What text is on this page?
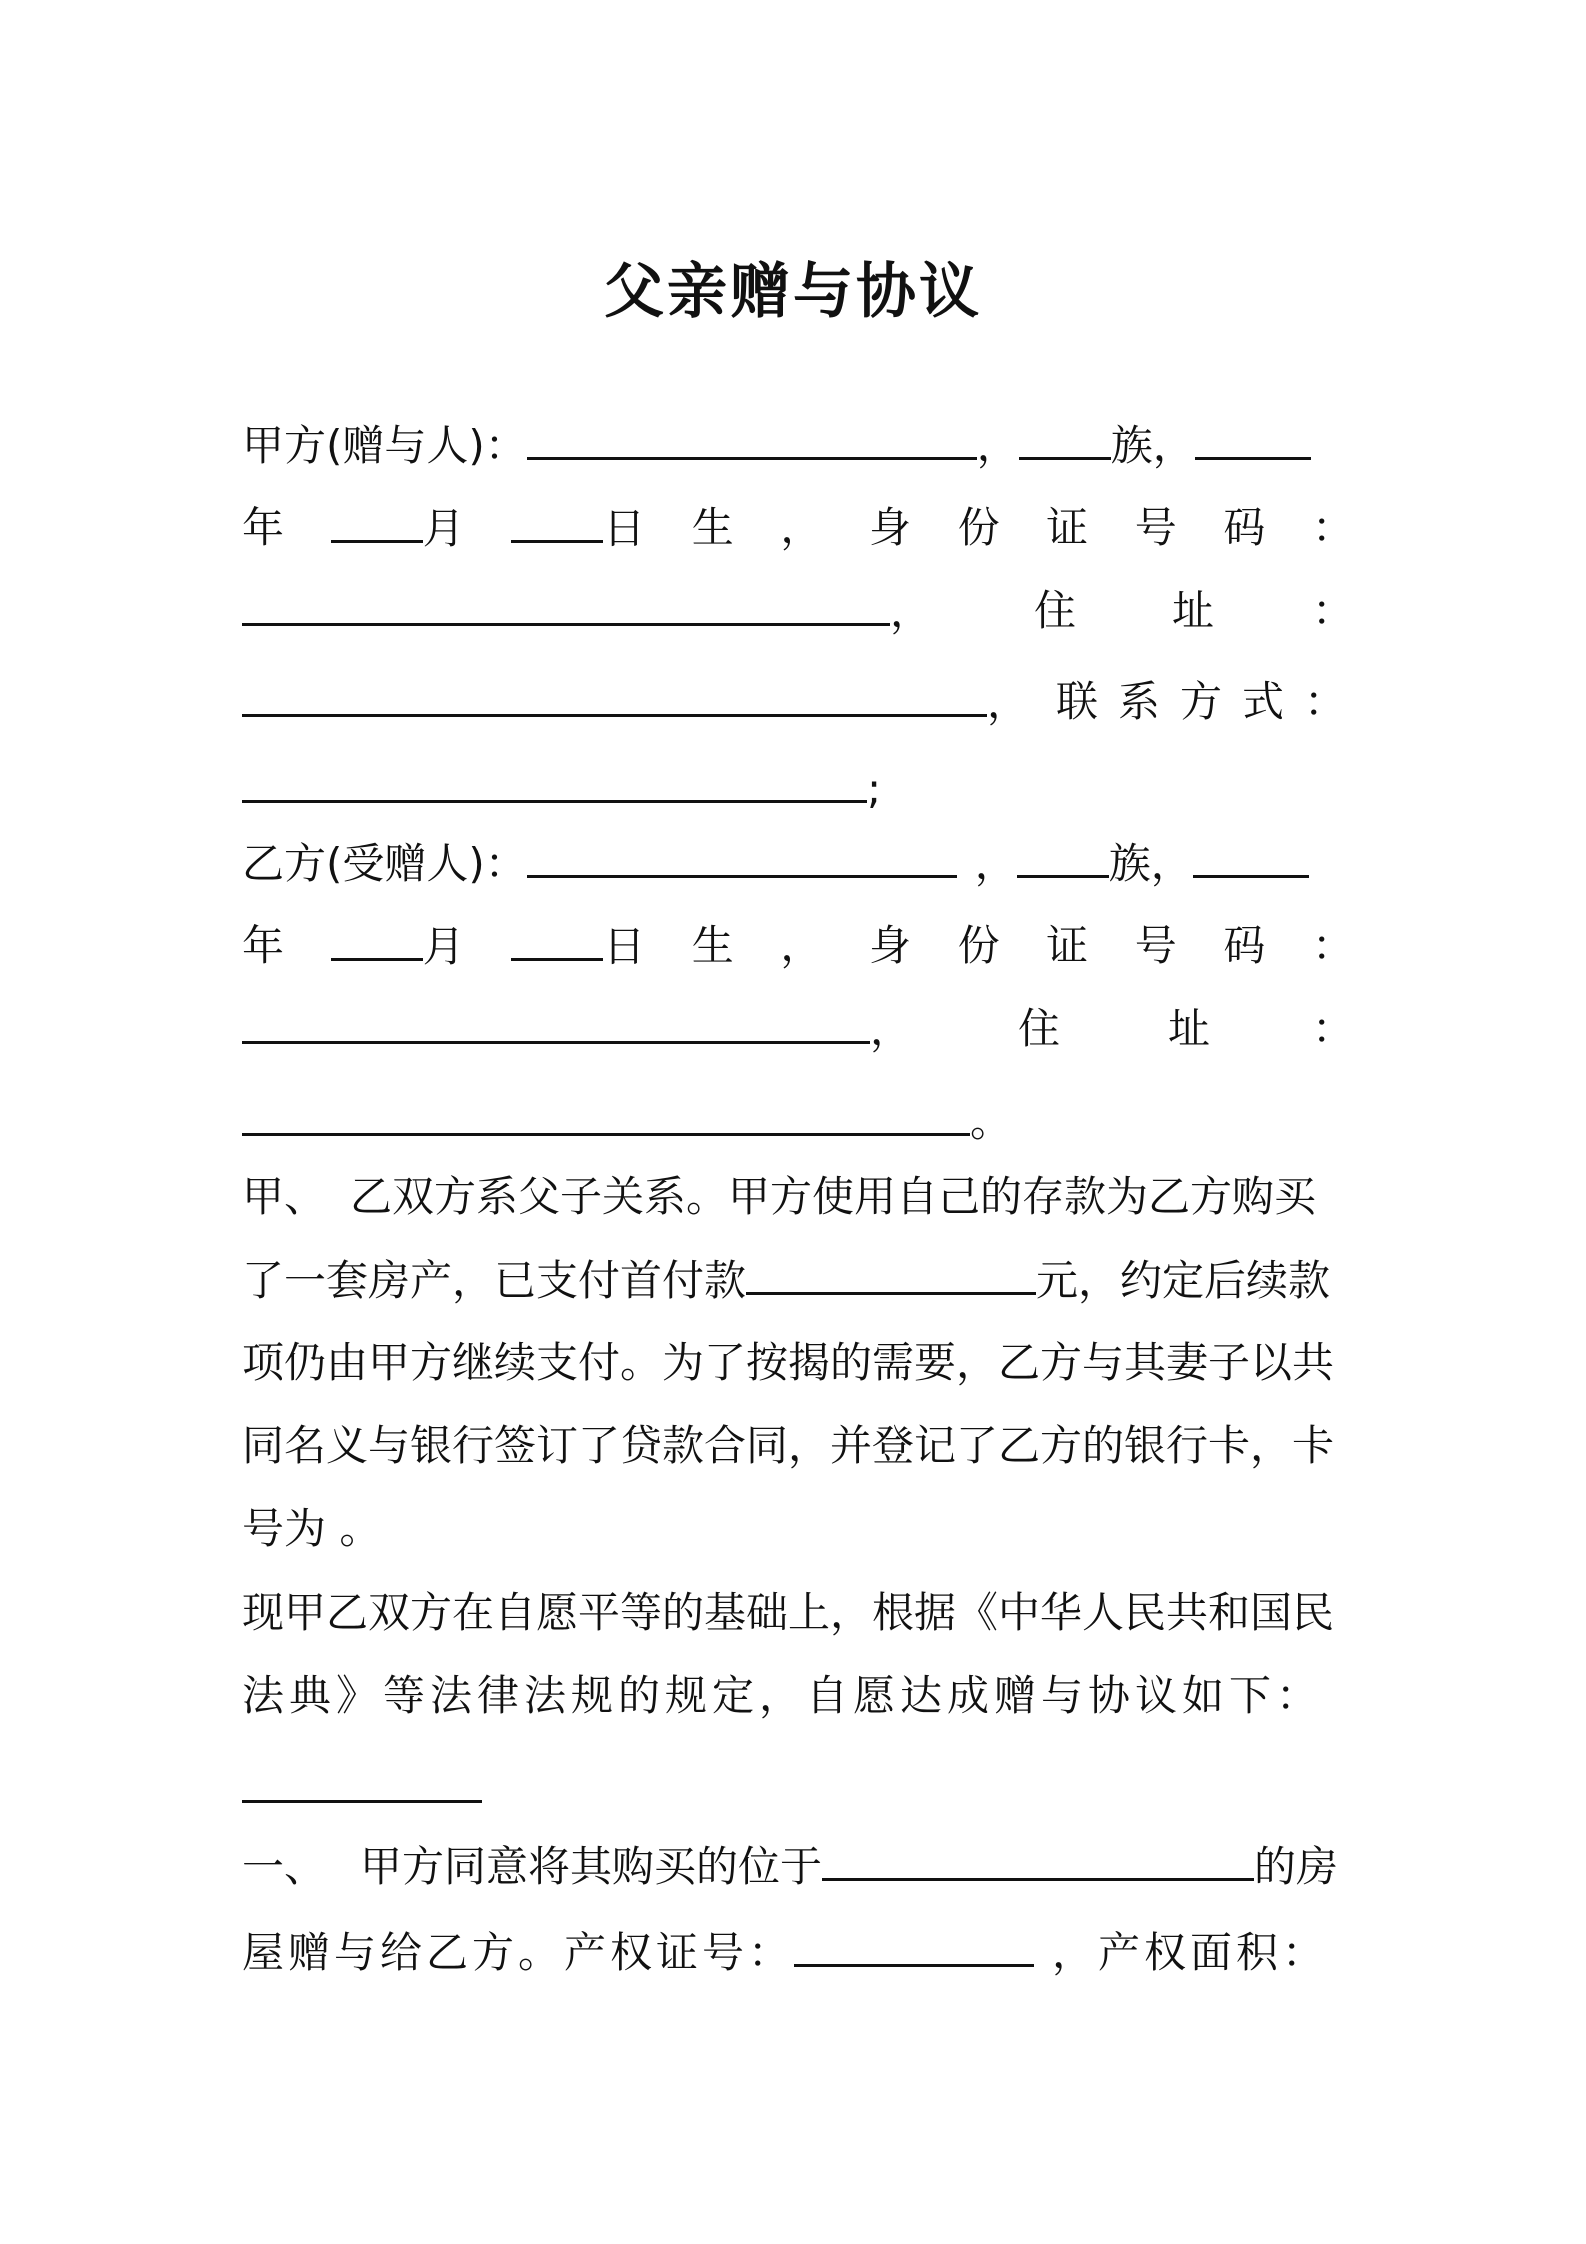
父亲赠与协议
甲方(赠与人)：	， 族，
年	月	日 生 ， 身 份 证 号 码 ：
， 住 址 ：
， 联系方式：
;
乙方(受赠人)：	， 族，
年	月	日 生 ， 身 份 证 号 码 ：
，	住	址 ：
。
甲、 乙双方系父子关系。甲方使用自己的存款为乙方购买
了一套房产，已支付首付款	元，约定后续款
项仍由甲方继续支付。为了按揭的需要，乙方与其妻子以共
同名义与银行签订了贷款合同，并登记了乙方的银行卡，卡
号为 。
现甲乙双方在自愿平等的基础上，根据《中华人民共和国民
法典》等法律法规的规定，自愿达成赠与协议如下：
一、 甲方同意将其购买的位于	的房
屋赠与给乙方。产权证号：	，产权面积：
